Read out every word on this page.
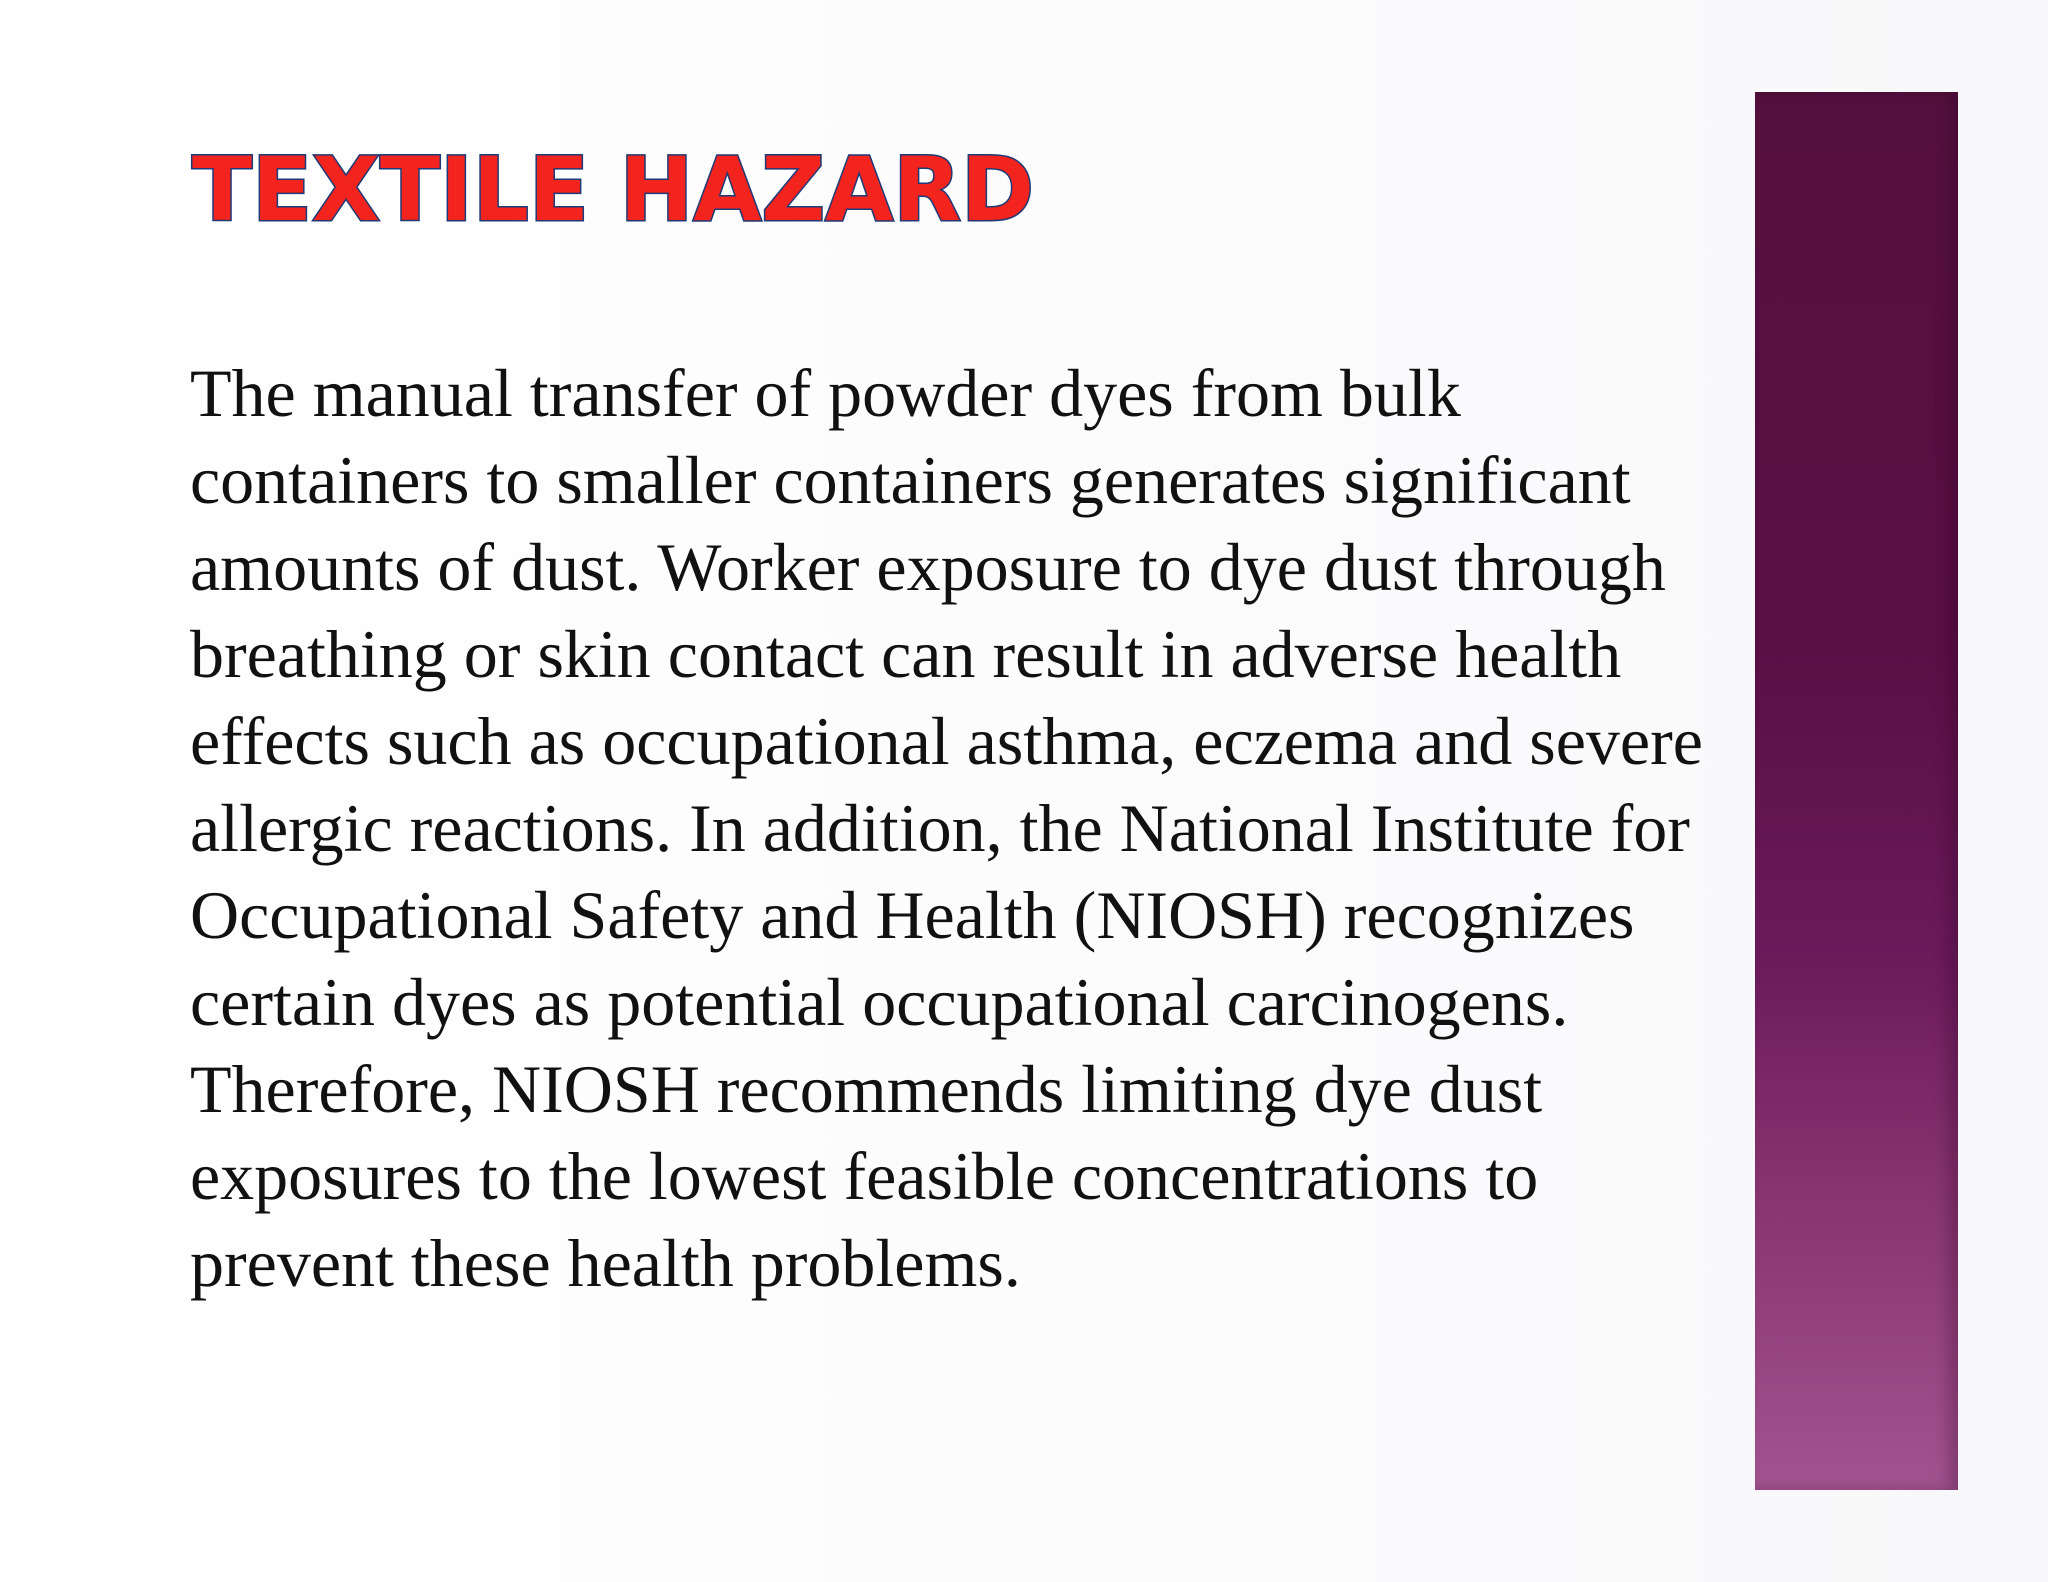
TEXTILE HAZARD

The manual transfer of powder dyes from bulk
containers to smaller containers generates significant
amounts of dust. Worker exposure to dye dust through
breathing or skin contact can result in adverse health
effects such as occupational asthma, eczema and severe
allergic reactions. In addition, the National Institute for
Occupational Safety and Health (NIOSH) recognizes
certain dyes as potential occupational carcinogens.
Therefore, NIOSH recommends limiting dye dust
exposures to the lowest feasible concentrations to
prevent these health problems.
